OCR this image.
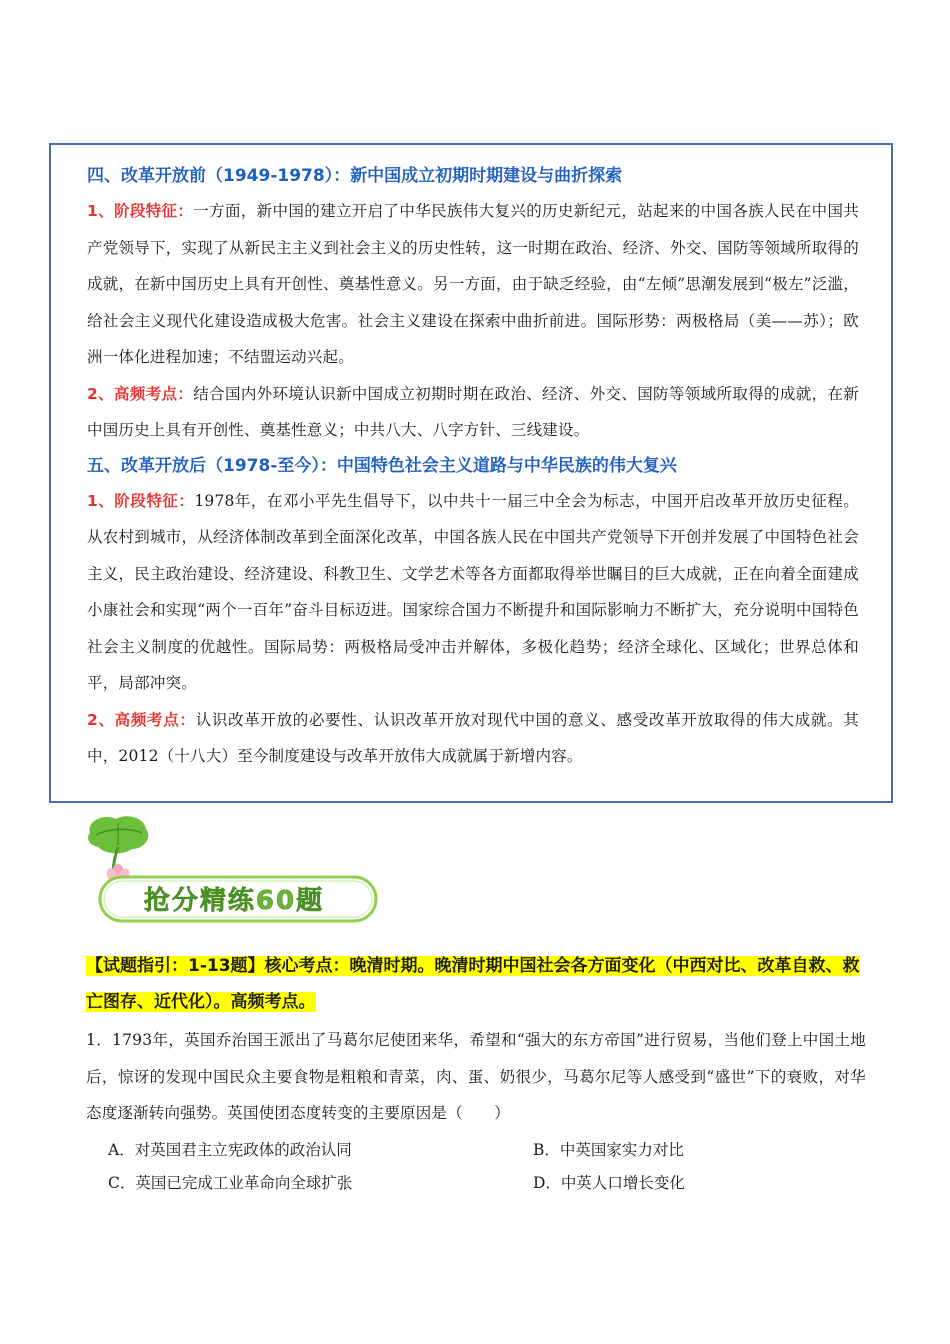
四、改革开放前（1949-1978）：新中国成立初期时期建设与曲折探索
1、阶段特征：一方面，新中国的建立开启了中华民族伟大复兴的历史新纪元，站起来的中国各族人民在中国共产党领导下，实现了从新民主主义到社会主义的历史性转，这一时期在政治、经济、外交、国防等领域所取得的成就，在新中国历史上具有开创性、奠基性意义。另一方面，由于缺乏经验，由“左倾”思潮发展到“极左”泛滥，给社会主义现代化建设造成极大危害。社会主义建设在探索中曲折前进。国际形势：两极格局（美——苏）；欧洲一体化进程加速；不结盟运动兴起。
2、高频考点：结合国内外环境认识新中国成立初期时期在政治、经济、外交、国防等领域所取得的成就，在新中国历史上具有开创性、奠基性意义；中共八大、八字方针、三线建设。
五、改革开放后（1978-至今）：中国特色社会主义道路与中华民族的伟大复兴
1、阶段特征：1978年，在邓小平先生倡导下，以中共十一届三中全会为标志，中国开启改革开放历史征程。从农村到城市，从经济体制改革到全面深化改革，中国各族人民在中国共产党领导下开创并发展了中国特色社会主义，民主政治建设、经济建设、科教卫生、文学艺术等各方面都取得举世瞩目的巨大成就，正在向着全面建成小康社会和实现“两个一百年”奋斗目标迈进。国家综合国力不断提升和国际影响力不断扩大，充分说明中国特色社会主义制度的优越性。国际局势：两极格局受冲击并解体，多极化趋势；经济全球化、区域化；世界总体和平，局部冲突。
2、高频考点：认识改革开放的必要性、认识改革开放对现代中国的意义、感受改革开放取得的伟大成就。其中，2012（十八大）至今制度建设与改革开放伟大成就属于新增内容。
抢分精练60题
【试题指引：1-13题】核心考点：晚清时期。晚清时期中国社会各方面变化（中西对比、改革自救、救亡图存、近代化）。高频考点。
1．1793年，英国乔治国王派出了马葛尔尼使团来华，希望和“强大的东方帝国”进行贸易，当他们登上中国土地后，惊讶的发现中国民众主要食物是粗粮和青菜，肉、蛋、奶很少，马葛尔尼等人感受到“盛世”下的衰败，对华态度逐渐转向强势。英国使团态度转变的主要原因是（　　）
A．对英国君主立宪政体的政治认同	B．中英国家实力对比
C．英国已完成工业革命向全球扩张	D．中英人口增长变化
